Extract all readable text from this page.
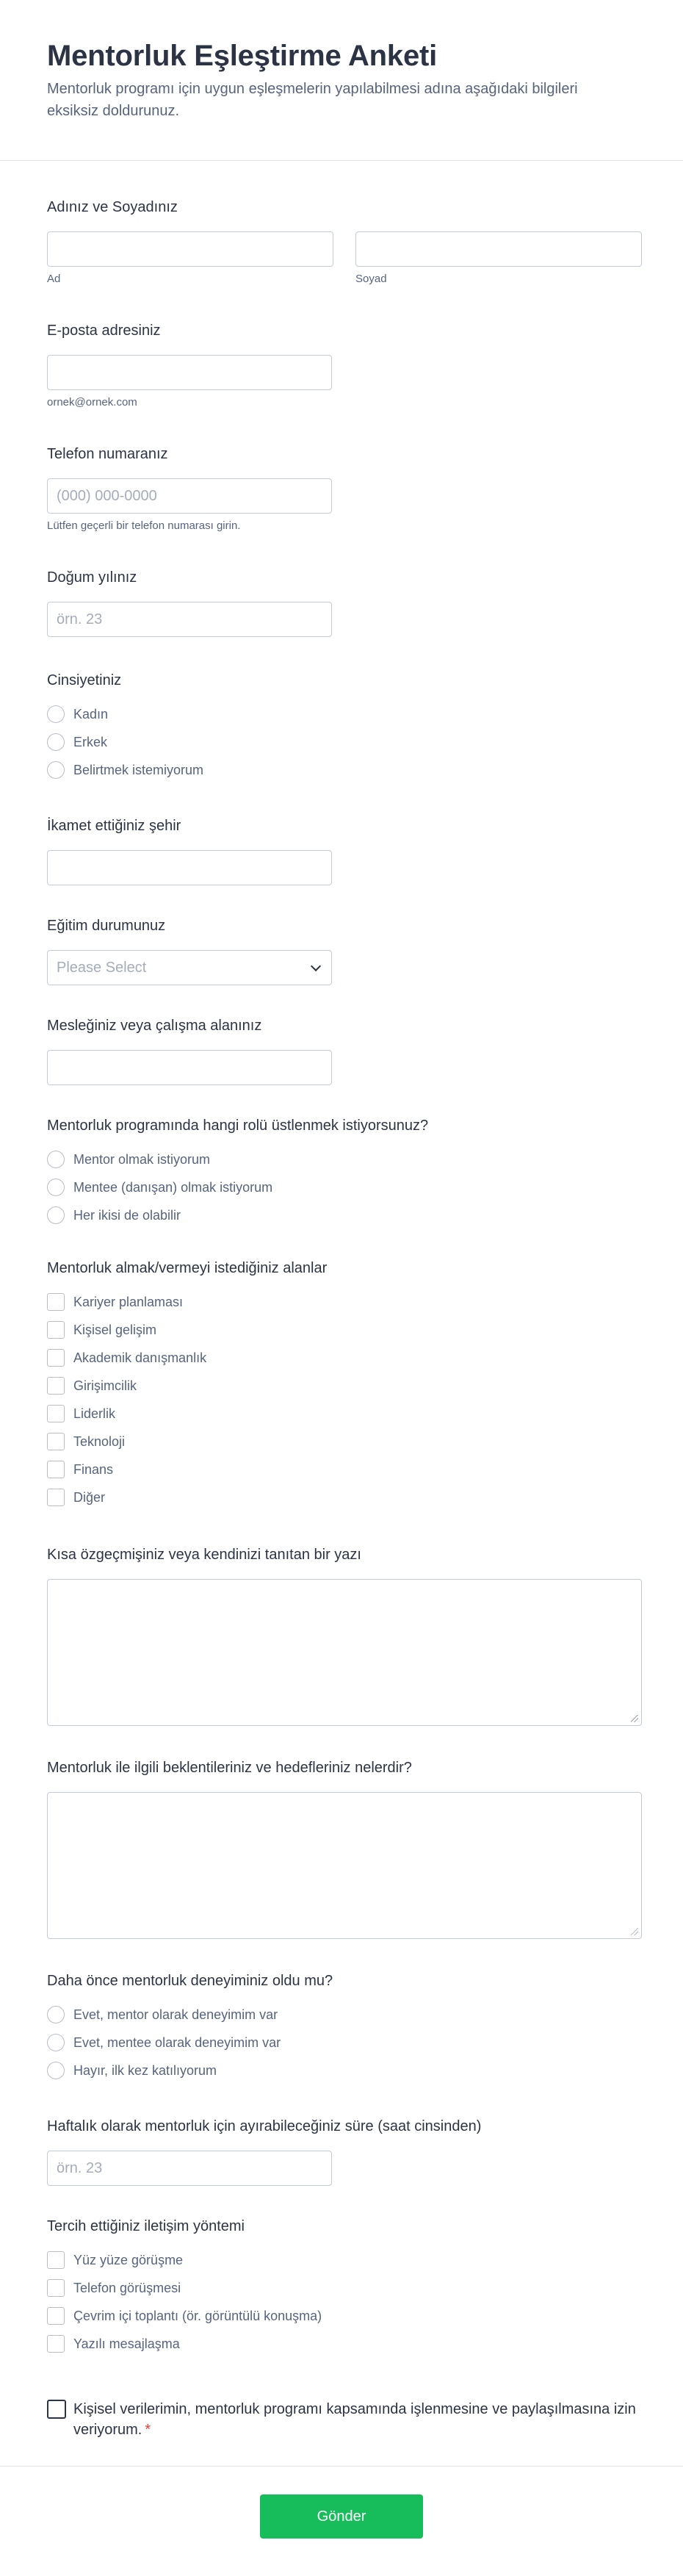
Mentorluk Eşleştirme Anketi

Mentorluk programı için uygun eşleşmelerin yapılabilmesi adına aşağıdaki bilgileri eksiksiz doldurunuz.

Adınız ve Soyadınız
Ad	Soyad
E-posta adresiniz
ornek@ornek.com
Telefon numaranız
(000) 000-0000
Lütfen geçerli bir telefon numarası girin.
Doğum yılınız
örn. 23
Cinsiyetiniz
Kadın
Erkek
Belirtmek istemiyorum
İkamet ettiğiniz şehir
Eğitim durumunuz
Please Select
Mesleğiniz veya çalışma alanınız
Mentorluk programında hangi rolü üstlenmek istiyorsunuz?
Mentor olmak istiyorum
Mentee (danışan) olmak istiyorum
Her ikisi de olabilir
Mentorluk almak/vermeyi istediğiniz alanlar
Kariyer planlaması
Kişisel gelişim
Akademik danışmanlık
Girişimcilik
Liderlik
Teknoloji
Finans
Diğer
Kısa özgeçmişiniz veya kendinizi tanıtan bir yazı
Mentorluk ile ilgili beklentileriniz ve hedefleriniz nelerdir?
Daha önce mentorluk deneyiminiz oldu mu?
Evet, mentor olarak deneyimim var
Evet, mentee olarak deneyimim var
Hayır, ilk kez katılıyorum
Haftalık olarak mentorluk için ayırabileceğiniz süre (saat cinsinden)
örn. 23
Tercih ettiğiniz iletişim yöntemi
Yüz yüze görüşme
Telefon görüşmesi
Çevrim içi toplantı (ör. görüntülü konuşma)
Yazılı mesajlaşma
Kişisel verilerimin, mentorluk programı kapsamında işlenmesine ve paylaşılmasına izin veriyorum. *
Gönder
